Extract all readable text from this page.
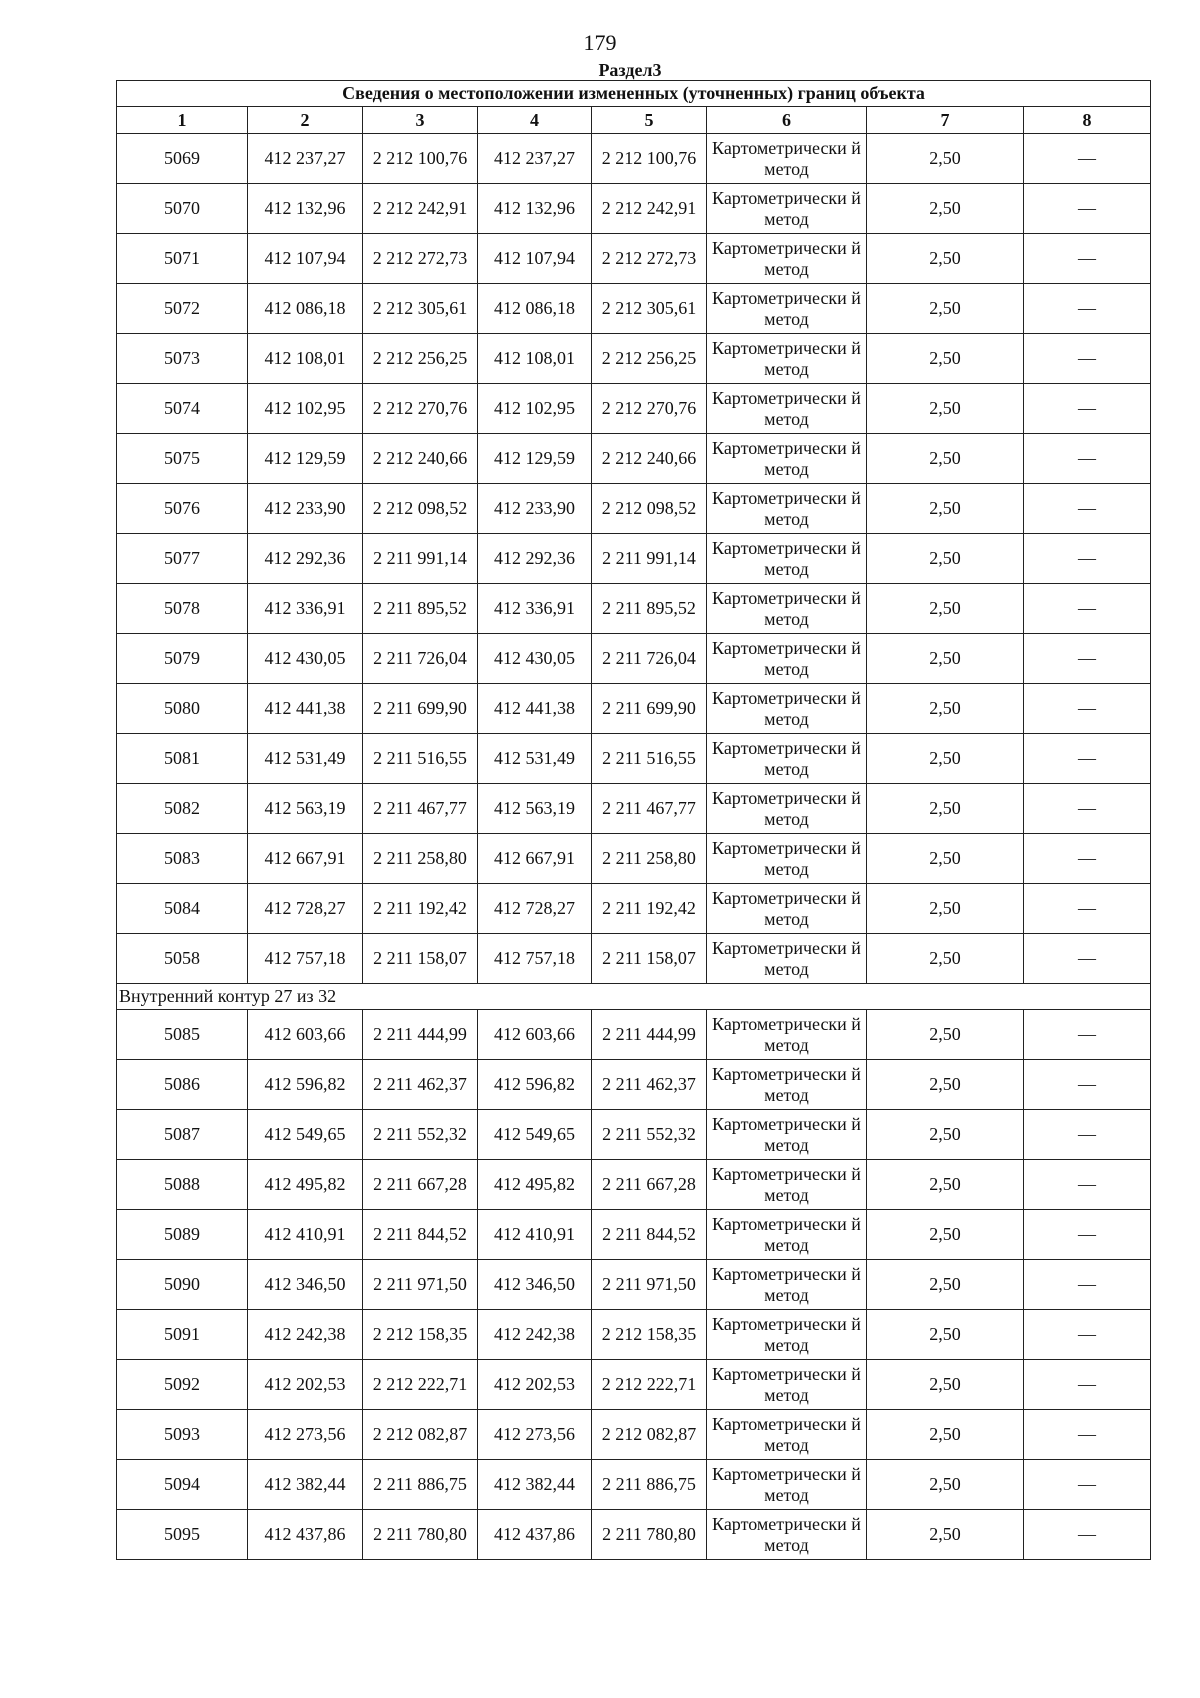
179
Раздел3
Сведения о местоположении измененных (уточненных) границ объекта							
1	2	3	4	5	6	7	8
5069	412 237,27	2 212 100,76	412 237,27	2 212 100,76	Картометрически й метод	2,50	—
5070	412 132,96	2 212 242,91	412 132,96	2 212 242,91	Картометрически й метод	2,50	—
5071	412 107,94	2 212 272,73	412 107,94	2 212 272,73	Картометрически й метод	2,50	—
5072	412 086,18	2 212 305,61	412 086,18	2 212 305,61	Картометрически й метод	2,50	—
5073	412 108,01	2 212 256,25	412 108,01	2 212 256,25	Картометрически й метод	2,50	—
5074	412 102,95	2 212 270,76	412 102,95	2 212 270,76	Картометрически й метод	2,50	—
5075	412 129,59	2 212 240,66	412 129,59	2 212 240,66	Картометрически й метод	2,50	—
5076	412 233,90	2 212 098,52	412 233,90	2 212 098,52	Картометрически й метод	2,50	—
5077	412 292,36	2 211 991,14	412 292,36	2 211 991,14	Картометрически й метод	2,50	—
5078	412 336,91	2 211 895,52	412 336,91	2 211 895,52	Картометрически й метод	2,50	—
5079	412 430,05	2 211 726,04	412 430,05	2 211 726,04	Картометрически й метод	2,50	—
5080	412 441,38	2 211 699,90	412 441,38	2 211 699,90	Картометрически й метод	2,50	—
5081	412 531,49	2 211 516,55	412 531,49	2 211 516,55	Картометрически й метод	2,50	—
5082	412 563,19	2 211 467,77	412 563,19	2 211 467,77	Картометрически й метод	2,50	—
5083	412 667,91	2 211 258,80	412 667,91	2 211 258,80	Картометрически й метод	2,50	—
5084	412 728,27	2 211 192,42	412 728,27	2 211 192,42	Картометрически й метод	2,50	—
5058	412 757,18	2 211 158,07	412 757,18	2 211 158,07	Картометрически й метод	2,50	—
Внутренний контур 27 из 32							
5085	412 603,66	2 211 444,99	412 603,66	2 211 444,99	Картометрически й метод	2,50	—
5086	412 596,82	2 211 462,37	412 596,82	2 211 462,37	Картометрически й метод	2,50	—
5087	412 549,65	2 211 552,32	412 549,65	2 211 552,32	Картометрически й метод	2,50	—
5088	412 495,82	2 211 667,28	412 495,82	2 211 667,28	Картометрически й метод	2,50	—
5089	412 410,91	2 211 844,52	412 410,91	2 211 844,52	Картометрически й метод	2,50	—
5090	412 346,50	2 211 971,50	412 346,50	2 211 971,50	Картометрически й метод	2,50	—
5091	412 242,38	2 212 158,35	412 242,38	2 212 158,35	Картометрически й метод	2,50	—
5092	412 202,53	2 212 222,71	412 202,53	2 212 222,71	Картометрически й метод	2,50	—
5093	412 273,56	2 212 082,87	412 273,56	2 212 082,87	Картометрически й метод	2,50	—
5094	412 382,44	2 211 886,75	412 382,44	2 211 886,75	Картометрически й метод	2,50	—
5095	412 437,86	2 211 780,80	412 437,86	2 211 780,80	Картометрически й метод	2,50	—
